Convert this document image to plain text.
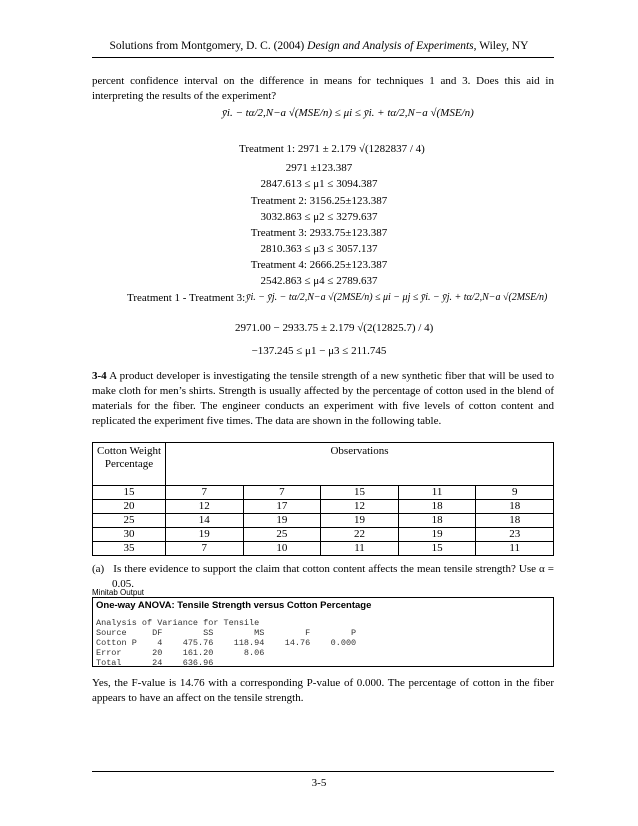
Solutions from Montgomery, D. C. (2004) Design and Analysis of Experiments, Wiley, NY
percent confidence interval on the difference in means for techniques 1 and 3. Does this aid in interpreting the results of the experiment?
ȳi. − tα/2,N−a √(MSE/n) ≤ μi ≤ ȳi. + tα/2,N−a √(MSE/n)
Treatment 1: 2971 ± 2.179 √(1282837 / 4)
2971 ±123.387
2847.613 ≤ μ1 ≤ 3094.387
Treatment 2: 3156.25±123.387
3032.863 ≤ μ2 ≤ 3279.637
Treatment 3: 2933.75±123.387
2810.363 ≤ μ3 ≤ 3057.137
Treatment 4: 2666.25±123.387
2542.863 ≤ μ4 ≤ 2789.637
Treatment 1 - Treatment 3: ȳi. − ȳj. − tα/2,N−a √(2MSE/n) ≤ μi − μj ≤ ȳi. − ȳj. + tα/2,N−a √(2MSE/n)
2971.00 − 2933.75 ± 2.179 √(2(12825.7) / 4)
−137.245 ≤ μ1 − μ3 ≤ 211.745
3-4 A product developer is investigating the tensile strength of a new synthetic fiber that will be used to make cloth for men’s shirts. Strength is usually affected by the percentage of cotton used in the blend of materials for the fiber. The engineer conducts an experiment with five levels of cotton content and replicated the experiment five times. The data are shown in the following table.
Cotton Weight Percentage	Observations				
15	7	7	15	11	9
20	12	17	12	18	18
25	14	19	19	18	18
30	19	25	22	19	23
35	7	10	11	15	11
(a) Is there evidence to support the claim that cotton content affects the mean tensile strength? Use α = 0.05.
Minitab Output
One-way ANOVA: Tensile Strength versus Cotton Percentage
Analysis of Variance for Tensile
Source     DF        SS        MS        F        P
Cotton P    4    475.76    118.94    14.76    0.000
Error      20    161.20      8.06
Total      24    636.96
Yes, the F-value is 14.76 with a corresponding P-value of 0.000. The percentage of cotton in the fiber appears to have an affect on the tensile strength.
3-5
